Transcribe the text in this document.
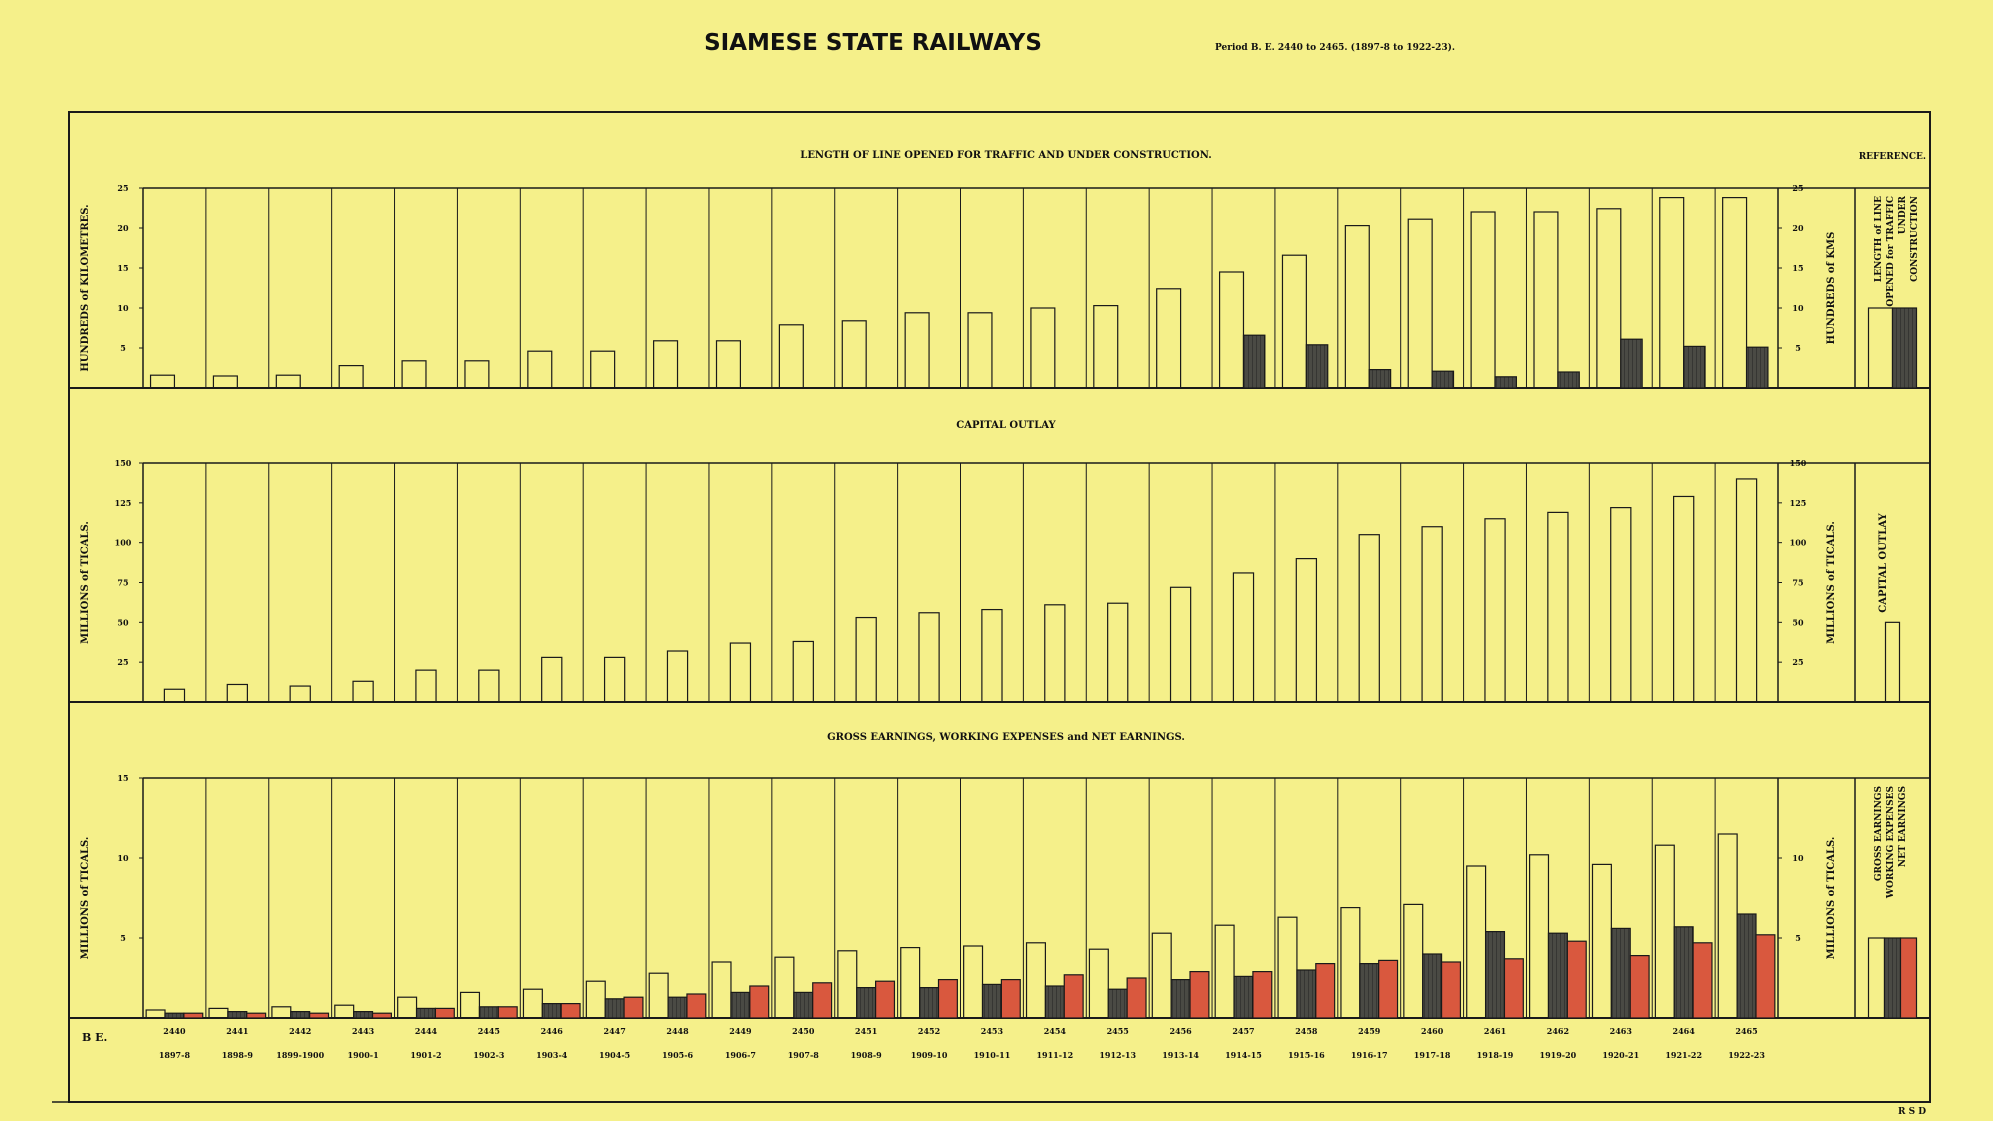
SIAMESE STATE RAILWAYS	Period B. E. 2440 to 2465. (1897-8 to 1922-23).
REFERENCE.
LENGTH OF LINE OPENED FOR TRAFFIC AND UNDER CONSTRUCTION.
5
10
15
20
25
5
10
15
20
25
HUNDREDS of KILOMETRES.	HUNDREDS of KMS	LENGTH of LINE OPENED for TRAFFIC UNDER CONSTRUCTION
CAPITAL OUTLAY
25
50
75
100
125
150
25
50
75
100
125
150
MILLIONS of TICALS.	MILLIONS of TICALS.	CAPITAL OUTLAY
GROSS EARNINGS, WORKING EXPENSES and NET EARNINGS.
5
10
15
5
10
MILLIONS of TICALS.	MILLIONS of TICALS.
GROSS EARNINGS WORKING EXPENSES NET EARNINGS
2440
1897-8
2441
1898-9
2442
1899-1900
2443
1900-1
2444
1901-2
2445
1902-3
2446
1903-4
2447
1904-5
2448
1905-6
2449
1906-7
2450
1907-8
2451
1908-9
2452
1909-10
2453
1910-11
2454
1911-12
2455
1912-13
2456
1913-14
2457
1914-15
2458
1915-16
2459
1916-17
2460
1917-18
2461
1918-19
2462
1919-20
2463
1920-21
2464
1921-22
2465
1922-23
B E.
R S D
